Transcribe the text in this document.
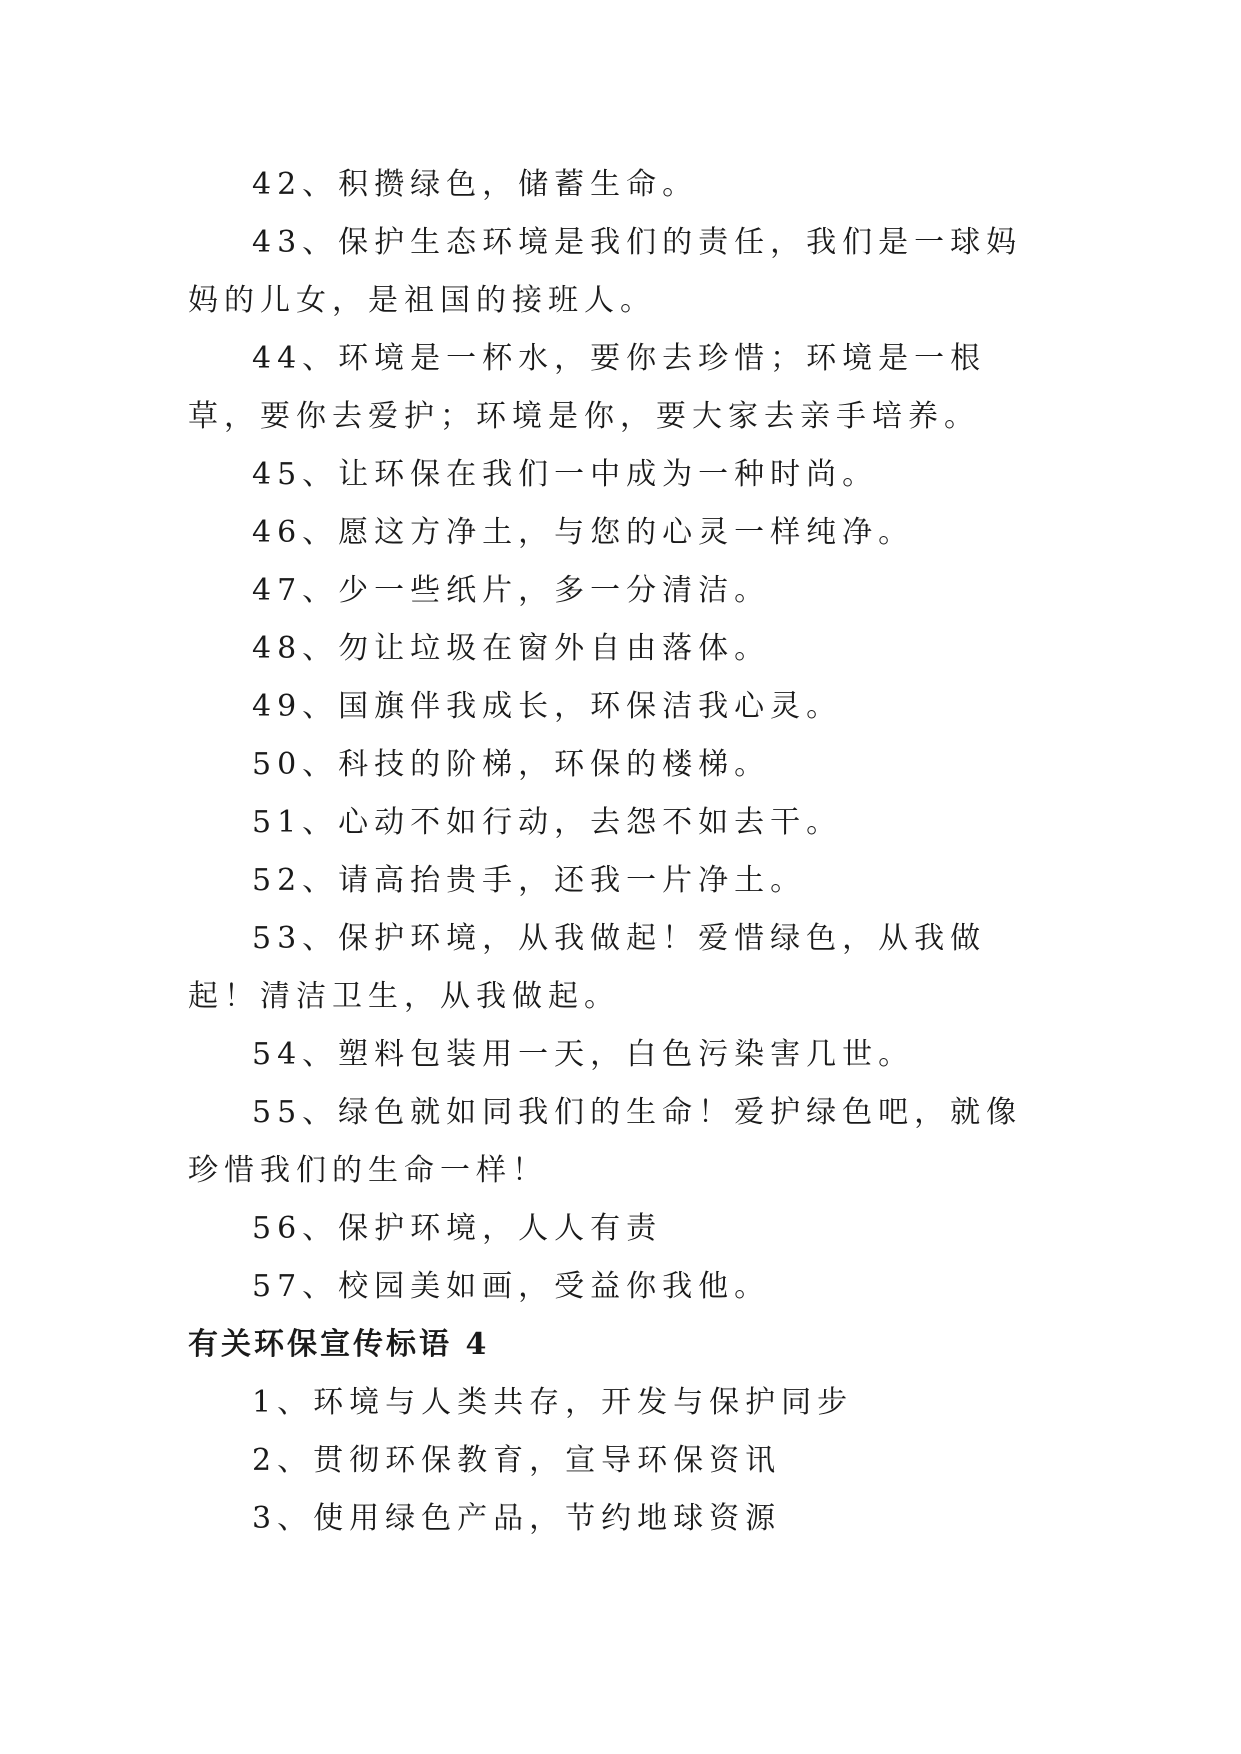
42、积攒绿色，储蓄生命。

43、保护生态环境是我们的责任，我们是一球妈妈的儿女，是祖国的接班人。

44、环境是一杯水，要你去珍惜；环境是一根草，要你去爱护；环境是你，要大家去亲手培养。

45、让环保在我们一中成为一种时尚。

46、愿这方净土，与您的心灵一样纯净。

47、少一些纸片，多一分清洁。

48、勿让垃圾在窗外自由落体。

49、国旗伴我成长，环保洁我心灵。

50、科技的阶梯，环保的楼梯。

51、心动不如行动，去怨不如去干。

52、请高抬贵手，还我一片净土。

53、保护环境，从我做起！爱惜绿色，从我做起！清洁卫生，从我做起。

54、塑料包装用一天，白色污染害几世。

55、绿色就如同我们的生命！爱护绿色吧，就像珍惜我们的生命一样！

56、保护环境，人人有责

57、校园美如画，受益你我他。

有关环保宣传标语 4

1、环境与人类共存，开发与保护同步

2、贯彻环保教育，宣导环保资讯

3、使用绿色产品，节约地球资源
